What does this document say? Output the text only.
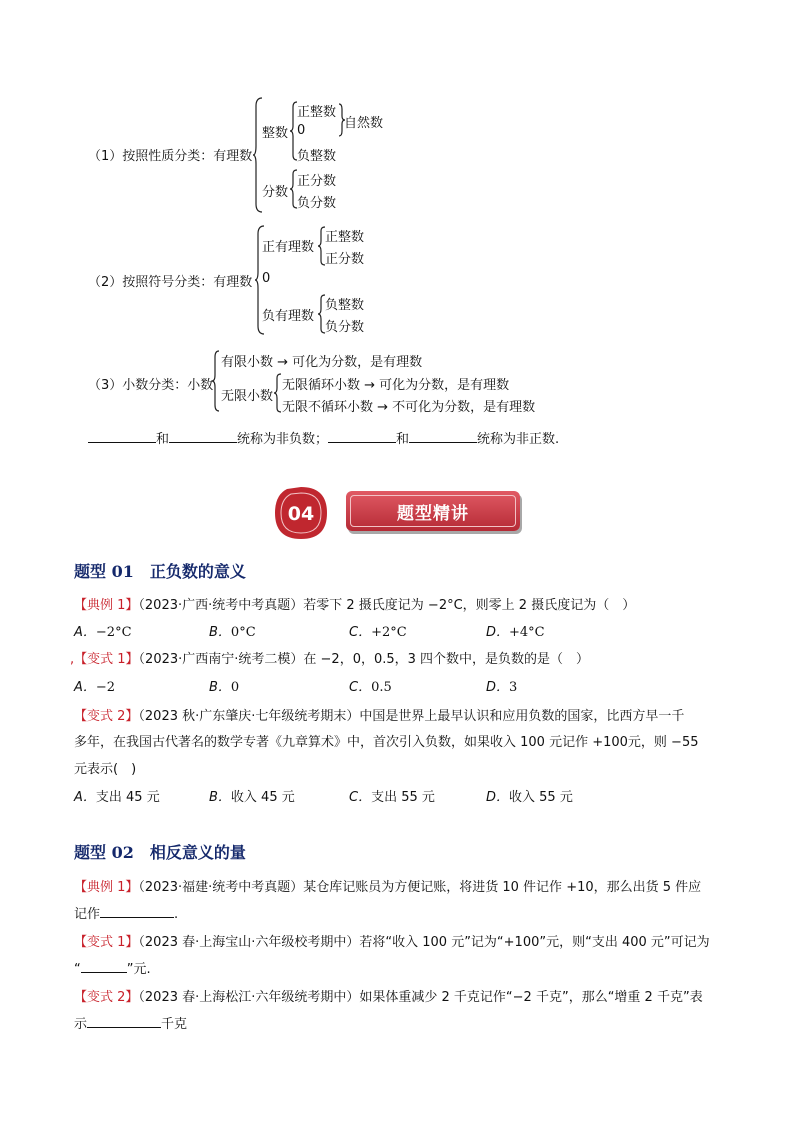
（1）按照性质分类：有理数
整数
正整数
0
负整数
自然数
分数
正分数
负分数
（2）按照符号分类：有理数
正有理数
正整数
正分数
0
负有理数
负整数
负分数
（3）小数分类：小数
有限小数 → 可化为分数，是有理数
无限小数
无限循环小数 → 可化为分数，是有理数
无限不循环小数 → 不可化为分数，是有理数
和	统称为非负数；	和	统称为非正数.
题型精讲
04
题型 01　正负数的意义
【典例 1】（2023·广西·统考中考真题）若零下 2 摄氏度记为 −2°C，则零上 2 摄氏度记为（　）
A．−2°C	B．0°C	C．+2°C	D．+4°C
,【变式 1】（2023·广西南宁·统考二模）在 −2，0，0.5，3 四个数中，是负数的是（　）
A．−2	B．0	C．0.5	D．3
【变式 2】（2023 秋·广东肇庆·七年级统考期末）中国是世界上最早认识和应用负数的国家，比西方早一千
多年，在我国古代著名的数学专著《九章算术》中，首次引入负数，如果收入 100 元记作 +100元，则 −55
元表示(　)
A．支出 45 元	B．收入 45 元	C．支出 55 元	D．收入 55 元
题型 02　相反意义的量
【典例 1】（2023·福建·统考中考真题）某仓库记账员为方便记账，将进货 10 件记作 +10，那么出货 5 件应
记作	.
【变式 1】（2023 春·上海宝山·六年级校考期中）若将“收入 100 元”记为“+100”元，则“支出 400 元”可记为
“	”元.
【变式 2】（2023 春·上海松江·六年级统考期中）如果体重减少 2 千克记作“−2 千克”，那么“增重 2 千克”表
示	千克
